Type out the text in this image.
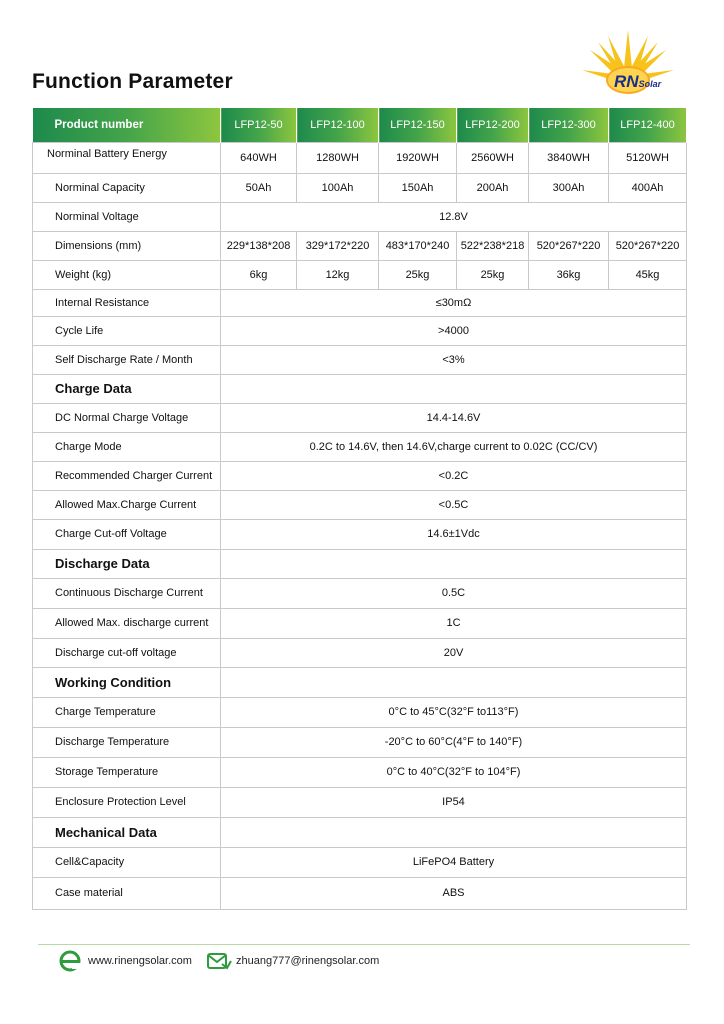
Function Parameter	RNSolar
Product number	LFP12-50	LFP12-100	LFP12-150	LFP12-200	LFP12-300	LFP12-400

Norminal Battery Energy	640WH	1280WH	1920WH	2560WH	3840WH	5120WH
Norminal Capacity	50Ah	100Ah	150Ah	200Ah	300Ah	400Ah
Norminal Voltage	12.8V					
Dimensions (mm)	229*138*208	329*172*220	483*170*240	522*238*218	520*267*220	520*267*220
Weight (kg)	6kg	12kg	25kg	25kg	36kg	45kg
Internal Resistance	≤30mΩ					
Cycle Life	>4000					
Self Discharge Rate / Month	<3%					
Charge Data						
DC Normal Charge Voltage	14.4-14.6V					
Charge Mode	0.2C to 14.6V, then 14.6V,charge current to 0.02C (CC/CV)					
Recommended Charger Current	<0.2C					
Allowed Max.Charge Current	<0.5C					
Charge Cut-off Voltage	14.6±1Vdc					
Discharge Data						
Continuous Discharge Current	0.5C					
Allowed Max. discharge current	1C					
Discharge cut-off voltage	20V					
Working Condition						
Charge Temperature	0°C to 45°C(32°F to113°F)					
Discharge Temperature	-20°C to 60°C(4°F to 140°F)					
Storage Temperature	0°C to 40°C(32°F to 104°F)					
Enclosure Protection Level	IP54					
Mechanical Data						
Cell&Capacity	LiFePO4 Battery					
Case material	ABS					
www.rinengsolar.com	zhuang777@rinengsolar.com
